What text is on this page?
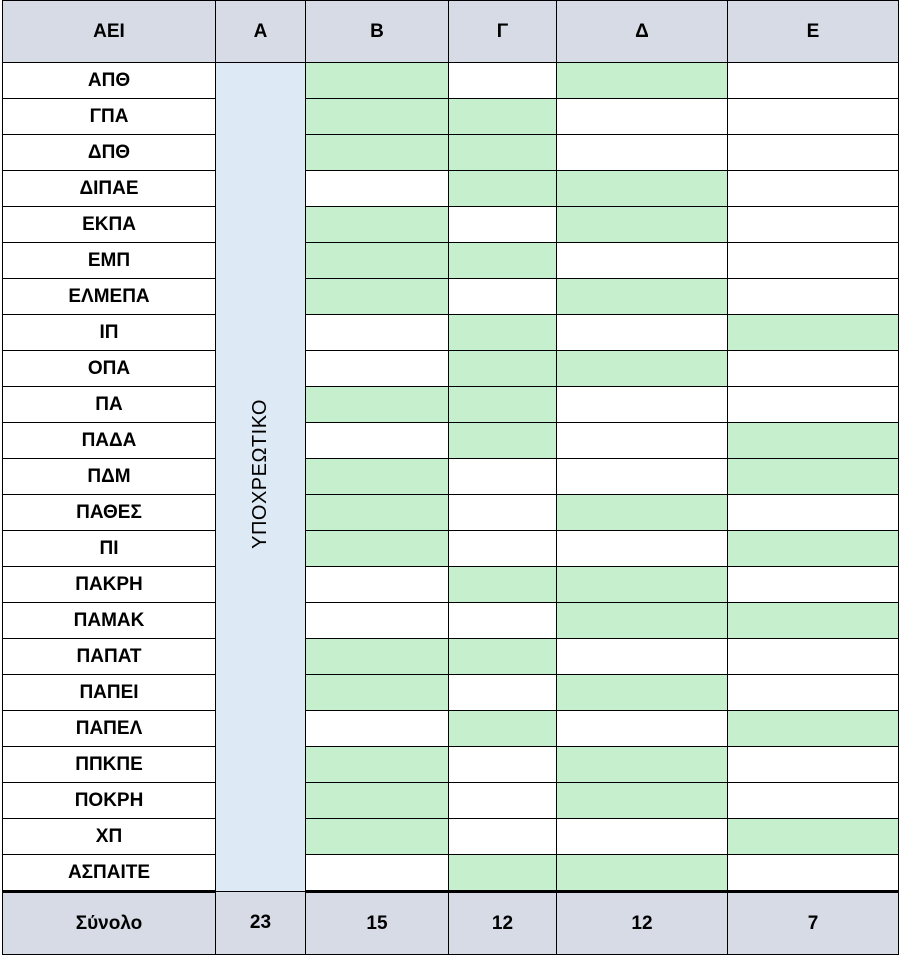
ΑΕΙ	Α	Β	Γ	Δ	Ε
ΑΠΘ	ΥΠΟΧΡΕΩΤΙΚΟ				
ΓΠΑ					
ΔΠΘ					
ΔΙΠΑΕ					
ΕΚΠΑ					
ΕΜΠ					
ΕΛΜΕΠΑ					
ΙΠ					
ΟΠΑ					
ΠΑ					
ΠΑΔΑ					
ΠΔΜ					
ΠΑΘΕΣ					
ΠΙ					
ΠΑΚΡΗ					
ΠΑΜΑΚ					
ΠΑΠΑΤ					
ΠΑΠΕΙ					
ΠΑΠΕΛ					
ΠΠΚΠΕ					
ΠΟΚΡΗ					
ΧΠ					
ΑΣΠΑΙΤΕ					
Σύνολο	23	15	12	12	7
